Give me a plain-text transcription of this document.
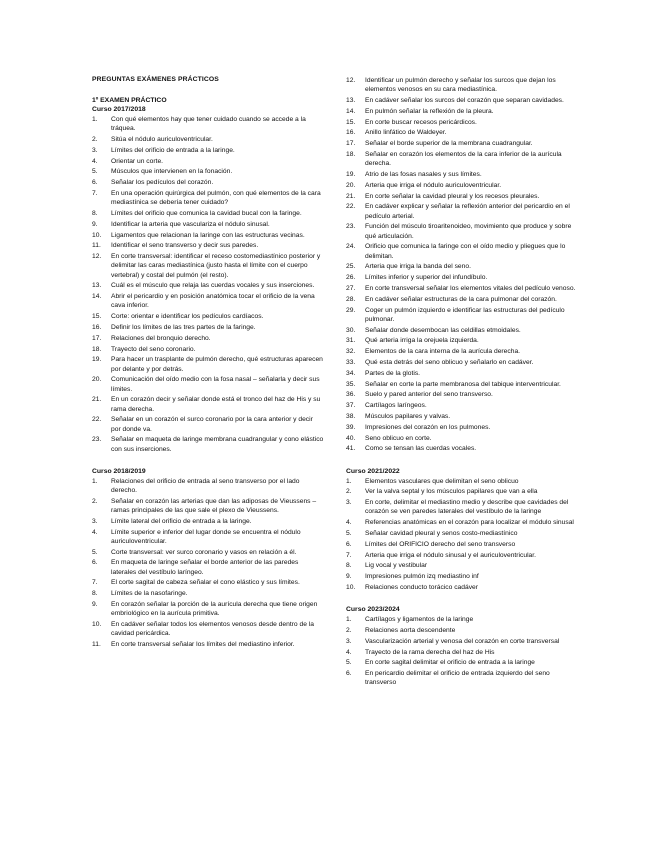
PREGUNTAS EXÁMENES PRÁCTICOS
1º EXAMEN PRÁCTICO
Curso 2017/2018
1. Con qué elementos hay que tener cuidado cuando se accede a la tráquea.
2. Sitúa el nódulo auriculoventricular.
3. Límites del orificio de entrada a la laringe.
4. Orientar un corte.
5. Músculos que intervienen en la fonación.
6. Señalar los pedículos del corazón.
7. En una operación quirúrgica del pulmón, con qué elementos de la cara mediastínica se debería tener cuidado?
8. Límites del orificio que comunica la cavidad bucal con la faringe.
9. Identificar la arteria que vasculariza el nódulo sinusal.
10. Ligamentos que relacionan la laringe con las estructuras vecinas.
11. Identificar el seno transverso y decir sus paredes.
12. En corte transversal: identificar el receso costomediastínico posterior y delimitar las caras mediastínica (justo hasta el límite con el cuerpo vertebral) y costal del pulmón (el resto).
13. Cuál es el músculo que relaja las cuerdas vocales y sus inserciones.
14. Abrir el pericardio y en posición anatómica tocar el orificio de la vena cava inferior.
15. Corte: orientar e identificar los pedículos cardíacos.
16. Definir los límites de las tres partes de la faringe.
17. Relaciones del bronquio derecho.
18. Trayecto del seno coronario.
19. Para hacer un trasplante de pulmón derecho, qué estructuras aparecen por delante y por detrás.
20. Comunicación del oído medio con la fosa nasal – señalarla y decir sus límites.
21. En un corazón decir y señalar donde está el tronco del haz de His y su rama derecha.
22. Señalar en un corazón el surco coronario por la cara anterior y decir por donde va.
23. Señalar en maqueta de laringe membrana cuadrangular y cono elástico con sus inserciones.
Curso 2018/2019
1. Relaciones del orificio de entrada al seno transverso por el lado derecho.
2. Señalar en corazón las arterias que dan las adiposas de Vieussens – ramas principales de las que sale el plexo de Vieussens.
3. Límite lateral del orificio de entrada a la laringe.
4. Límite superior e inferior del lugar donde se encuentra el nódulo auriculoventricular.
5. Corte transversal: ver surco coronario y vasos en relación a él.
6. En maqueta de laringe señalar el borde anterior de las paredes laterales del vestíbulo laríngeo.
7. El corte sagital de cabeza señalar el cono elástico y sus límites.
8. Límites de la nasofaringe.
9. En corazón señalar la porción de la aurícula derecha que tiene origen embriológico en la aurícula primitiva.
10. En cadáver señalar todos los elementos venosos desde dentro de la cavidad pericárdica.
11. En corte transversal señalar los límites del mediastino inferior.
12. Identificar un pulmón derecho y señalar los surcos que dejan los elementos venosos en su cara mediastínica.
13. En cadáver señalar los surcos del corazón que separan cavidades.
14. En pulmón señalar la reflexión de la pleura.
15. En corte buscar recesos pericárdicos.
16. Anillo linfático de Waldeyer.
17. Señalar el borde superior de la membrana cuadrangular.
18. Señalar en corazón los elementos de la cara inferior de la aurícula derecha.
19. Atrio de las fosas nasales y sus límites.
20. Arteria que irriga el nódulo auriculoventricular.
21. En corte señalar la cavidad pleural y los recesos pleurales.
22. En cadáver explicar y señalar la reflexión anterior del pericardio en el pedículo arterial.
23. Función del músculo tiroaritenoideo, movimiento que produce y sobre qué articulación.
24. Orificio que comunica la faringe con el oído medio y pliegues que lo delimitan.
25. Arteria que irriga la banda del seno.
26. Límites inferior y superior del infundíbulo.
27. En corte transversal señalar los elementos vitales del pedículo venoso.
28. En cadáver señalar estructuras de la cara pulmonar del corazón.
29. Coger un pulmón izquierdo e identificar las estructuras del pedículo pulmonar.
30. Señalar donde desembocan las celdillas etmoidales.
31. Qué arteria irriga la orejuela izquierda.
32. Elementos de la cara interna de la aurícula derecha.
33. Qué esta detrás del seno oblicuo y señalarlo en cadáver.
34. Partes de la glotis.
35. Señalar en corte la parte membranosa del tabique interventricular.
36. Suelo y pared anterior del seno transverso.
37. Cartílagos laríngeos.
38. Músculos papilares y valvas.
39. Impresiones del corazón en los pulmones.
40. Seno oblicuo en corte.
41. Como se tensan las cuerdas vocales.
Curso 2021/2022
1. Elementos vasculares que delimitan el seno oblicuo
2. Ver la valva septal y los músculos papilares que van a ella
3. En corte, delimitar el mediastino medio y describe que cavidades del corazón se ven paredes laterales del vestíbulo de la laringe
4. Referencias anatómicas en el corazón para localizar el módulo sinusal
5. Señalar cavidad pleural y senos costo-mediastínico
6. Límites del ORIFICIO derecho del seno transverso
7. Arteria que irriga el nódulo sinusal y el auriculoventricular.
8. Lig vocal y vestibular
9. Impresiones pulmón izq mediastino inf
10. Relaciones conducto torácico cadáver
Curso 2023/2024
1. Cartílagos y ligamentos de la laringe
2. Relaciones aorta descendente
3. Vascularización arterial y venosa del corazón en corte transversal
4. Trayecto de la rama derecha del haz de His
5. En corte sagital delimitar el orificio de entrada a la laringe
6. En pericardio delimitar el orificio de entrada izquierdo del seno transverso
